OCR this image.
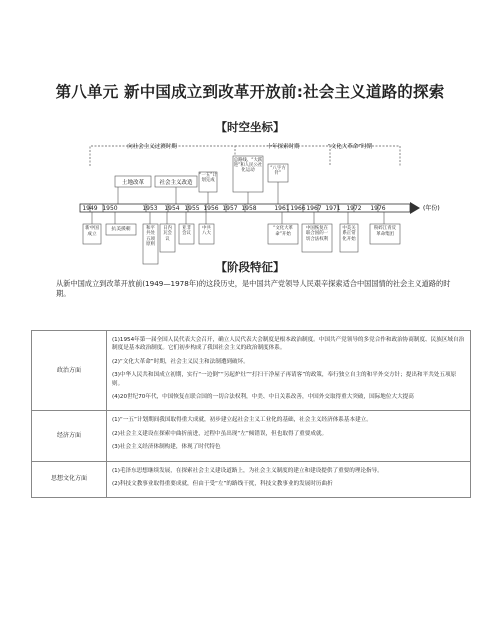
第八单元 新中国成立到改革开放前:社会主义道路的探索
【时空坐标】
向社会主义过渡时期	十年探索时期	“文化大革命”时期
土地改革	社会主义改造
“一五”计划完成
总路线、“大跃进”和人民公社化运动	“八字方针”
(年份)
1949 1950	1953 1954 1955 1956 1957 1958	1961 1966 1967 1971 1972 1976
新中国成立
抗美援朝	和平共处五项原则
日内瓦会议
亚非会议
中共八大
“文化大革命”开始
中国恢复在联合国的一切合法权利
中美关系正常化开始
粉碎江青反革命集团
【阶段特征】
从新中国成立到改革开放前(1949—1978年)的这段历史，是中国共产党领导人民艰辛探索适合中国国情的社会主义道路的时期。
政治方面	(1)1954年第一届全国人民代表大会召开，确立人民代表大会制度是根本政治制度。中国共产党领导的多党合作和政治协商制度、民族区域自治制度是基本政治制度。它们初步构成了我国社会主义的政治制度体系。

(2)“文化大革命”时期，社会主义民主和法制遭到破坏。

(3)中华人民共和国成立初期，实行“一边倒”“另起炉灶”“打扫干净屋子再请客”的政策，奉行独立自主的和平外交方针；提出和平共处五项原则。

(4)20世纪70年代，中国恢复在联合国的一切合法权利，中美、中日关系改善，中国外交取得重大突破，国际地位大大提高

经济方面	(1)“一五”计划期间我国取得重大成就，初步建立起社会主义工业化的基础，社会主义经济体系基本建立。

(2)社会主义建设在探索中曲折前进，过程中虽出现“左”倾错误，但也取得了重要成就。

(3)社会主义经济体制构建，体现了时代特色

思想文化方面	(1)毛泽东思想继续发展，在探索社会主义建设道路上，为社会主义制度的建立和建设提供了重要的理论指导。

(2)科技文教事业取得重要成就，但由于受“左”的路线干扰，科技文教事业的发展时历曲折
